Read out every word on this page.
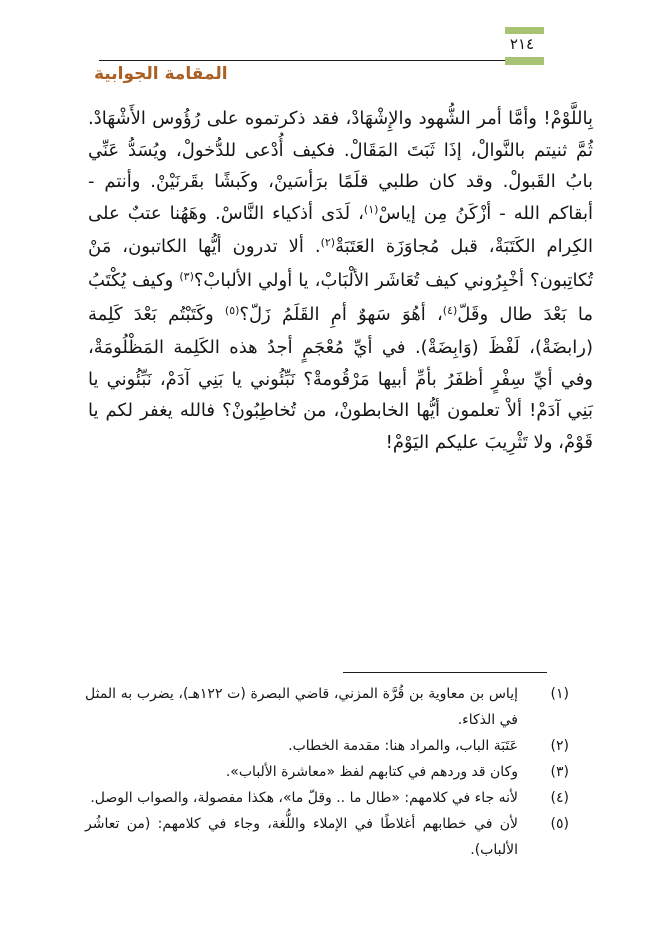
٢١٤
المقامة الجوابية
بِاللَّوْمْ! وأمَّا أمر الشُّهود والإِشْهَادْ، فقد ذكرتموه على رُؤُوس الأَشْهَادْ. ثُمَّ ثنيتم بالنَّوالْ، إذَا ثَبَتَ المَقَالْ. فكيف أُدْعى للدُّخولْ، ويُسَدُّ عَنِّي بابُ القَبولْ. وقد كان طلبي قلَمًا برَأسَينْ، وكَبشًا بقَرنَيْنْ. وأنتم - أبقاكم الله - أزْكَنُ مِن إياسْ$^{(١)}$، لَدَى أذكياء النَّاسْ. وهَهُنا عتبٌ على الكِرام الكَتَبَةْ، قبل مُجاوَزَة العَتَبَةْ$^{(٢)}$. ألا تدرون أيُّها الكاتبون، مَنْ تُكاتِبون؟ أخْبِرُوني كيف تُعَاشَر الألْبَابْ، يا أولي الألبابْ؟$^{(٣)}$ وكيف يُكْتَبُ ما بَعْدَ طال وقَلّ$^{(٤)}$، أهُوَ سَهوٌ أمِ القَلَمُ زَلّ؟$^{(٥)}$ وكَتَبْتُم بَعْدَ كَلِمة (رابضَةْ)، لَفْظَ (وَابِضَةْ). في أيِّ مُعْجَمٍ أجدُ هذه الكَلِمة المَظْلُومَةْ، وفي أيِّ سِفْرٍ أظفَرُ بأمِّ أبيها مَرْقُومةْ؟ نَبِّئُوني يا بَنِي آدَمْ، نَبِّئُوني يا بَنِي آدَمْ! ألاْ تعلمون أيُّها الخابطونْ، من تُخاطِبُونْ؟ فالله يغفر لكم يا قَوْمْ، ولا تَثْرِيبَ عليكم اليَوْمْ!
(١)
إياس بن معاوية بن قُرَّة المزني، قاضي البصرة (ت ١٢٢هـ)، يضرب به المثل في الذكاء.
(٢)
عَتَبَة الباب، والمراد هنا: مقدمة الخطاب.
(٣)
وكان قد وردهم في كتابهم لفظ «معاشرة الألباب».
(٤)
لأنه جاء في كلامهم: «طال ما .. وقلّ ما»، هكذا مفصولة، والصواب الوصل.
(٥)
لأن في خطابهم أغلاطًا في الإملاء واللُّغة، وجاء في كلامهم: (من تعاشُر الألباب).
